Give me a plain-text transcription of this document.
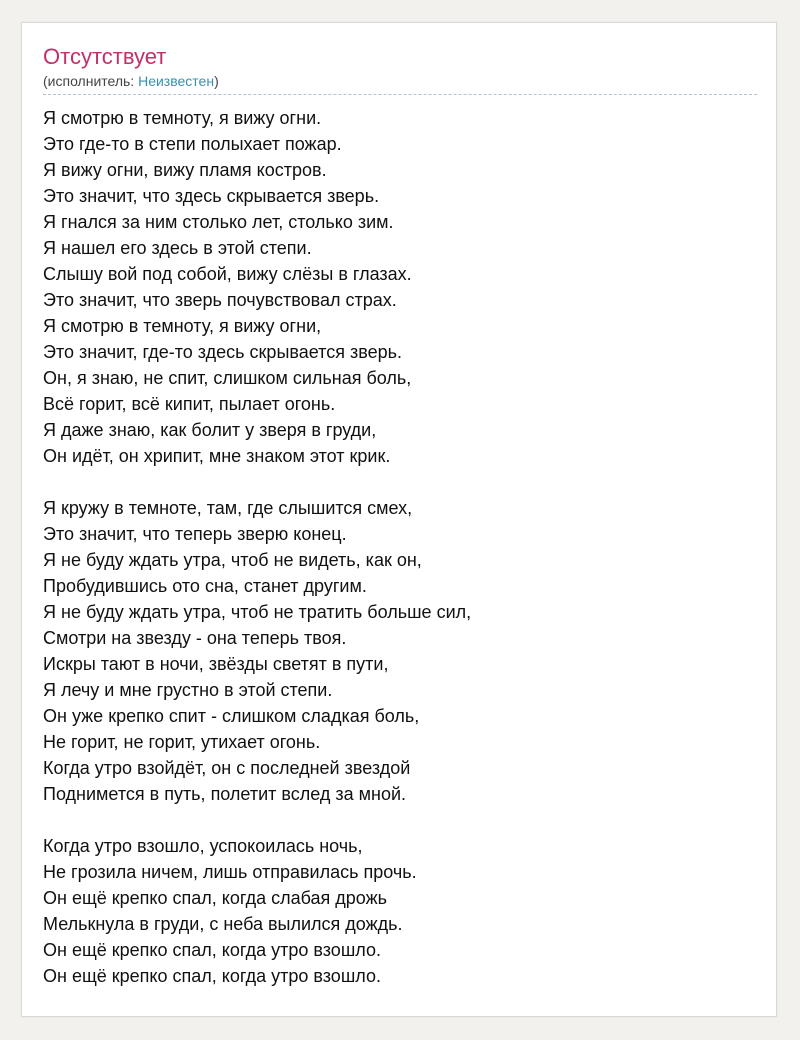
Отсутствует
(исполнитель: Неизвестен)
Я смотрю в темноту, я вижу огни.
Это где-то в степи полыхает пожар.
Я вижу огни, вижу пламя костров.
Это значит, что здесь скрывается зверь.
Я гнался за ним столько лет, столько зим.
Я нашел его здесь в этой степи.
Слышу вой под собой, вижу слёзы в глазах.
Это значит, что зверь почувствовал страх.
Я смотрю в темноту, я вижу огни,
Это значит, где-то здесь скрывается зверь.
Он, я знаю, не спит, слишком сильная боль,
Всё горит, всё кипит, пылает огонь.
Я даже знаю, как болит у зверя в груди,
Он идёт, он хрипит, мне знаком этот крик.
Я кружу в темноте, там, где слышится смех,
Это значит, что теперь зверю конец.
Я не буду ждать утра, чтоб не видеть, как он,
Пробудившись ото сна, станет другим.
Я не буду ждать утра, чтоб не тратить больше сил,
Смотри на звезду - она теперь твоя.
Искры тают в ночи, звёзды светят в пути,
Я лечу и мне грустно в этой степи.
Он уже крепко спит - слишком сладкая боль,
Не горит, не горит, утихает огонь.
Когда утро взойдёт, он с последней звездой
Поднимется в путь, полетит вслед за мной.
Когда утро взошло, успокоилась ночь,
Не грозила ничем, лишь отправилась прочь.
Он ещё крепко спал, когда слабая дрожь
Мелькнула в груди, с неба вылился дождь.
Он ещё крепко спал, когда утро взошло.
Он ещё крепко спал, когда утро взошло.
